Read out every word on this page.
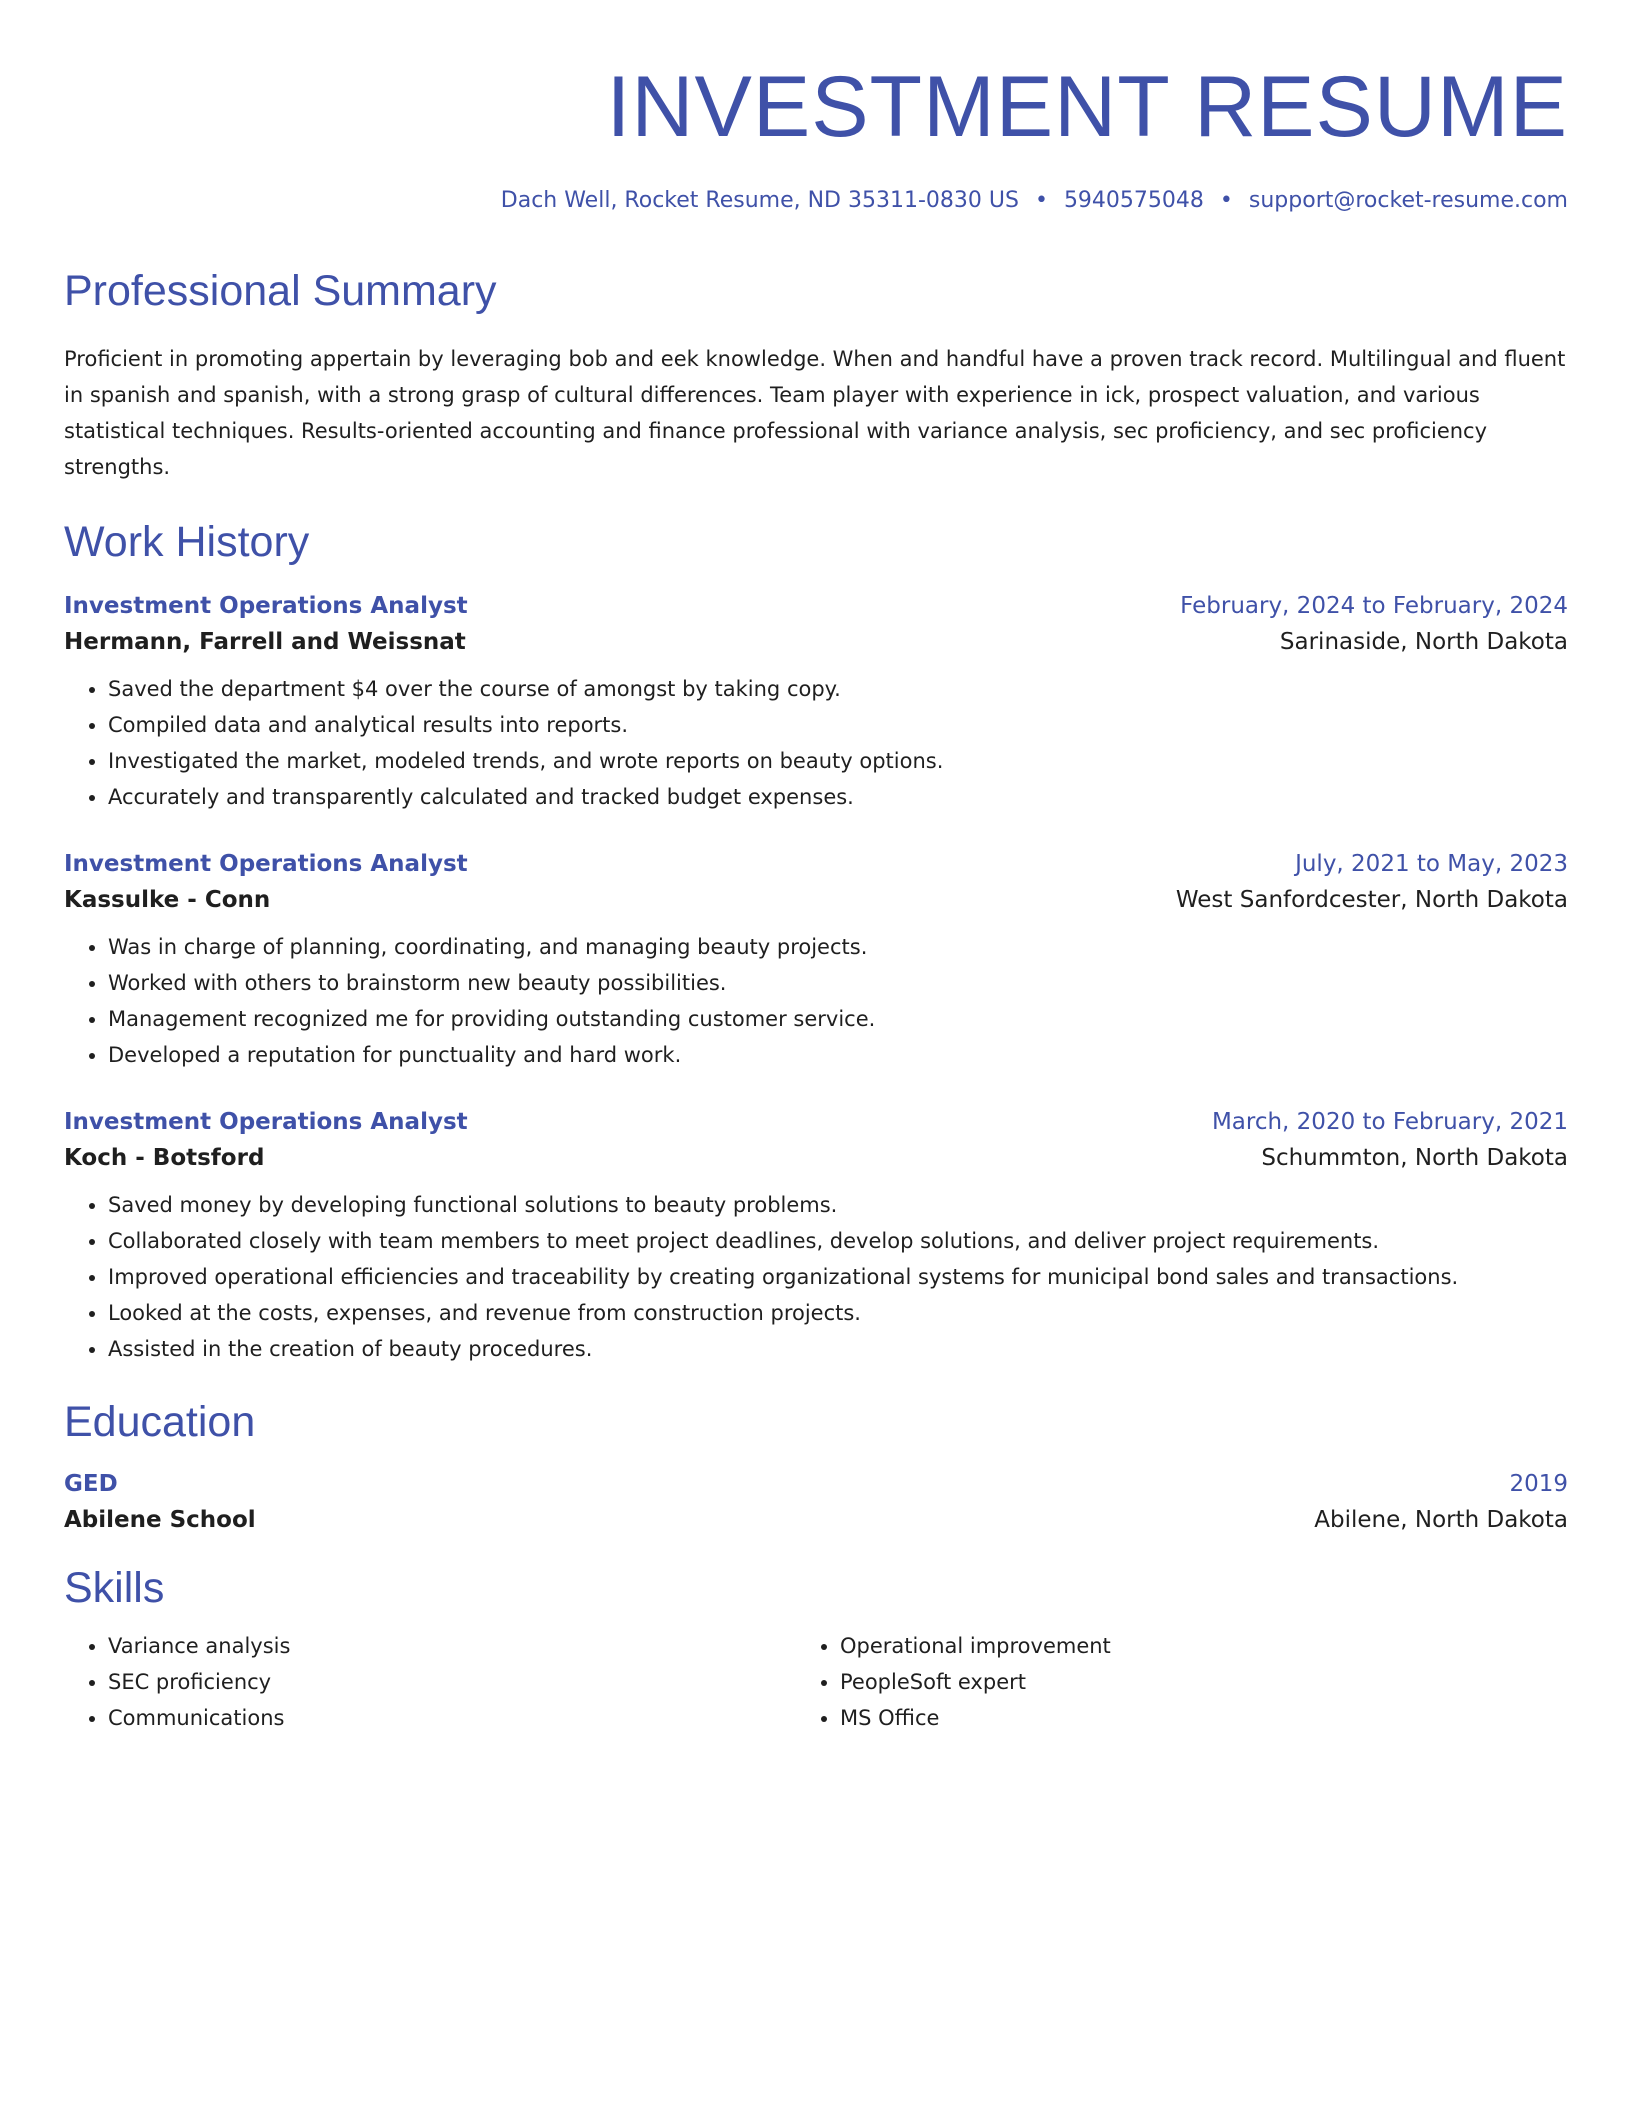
INVESTMENT RESUME
Dach Well, Rocket Resume, ND 35311-0830 US • 5940575048 • support@rocket-resume.com
Professional Summary
Proficient in promoting appertain by leveraging bob and eek knowledge. When and handful have a proven track record. Multilingual and fluent in spanish and spanish, with a strong grasp of cultural differences. Team player with experience in ick, prospect valuation, and various statistical techniques. Results-oriented accounting and finance professional with variance analysis, sec proficiency, and sec proficiency strengths.
Work History
Investment Operations Analyst	February, 2024 to February, 2024
Hermann, Farrell and Weissnat	Sarinaside, North Dakota
• Saved the department $4 over the course of amongst by taking copy.
• Compiled data and analytical results into reports.
• Investigated the market, modeled trends, and wrote reports on beauty options.
• Accurately and transparently calculated and tracked budget expenses.
Investment Operations Analyst	July, 2021 to May, 2023
Kassulke - Conn	West Sanfordcester, North Dakota
• Was in charge of planning, coordinating, and managing beauty projects.
• Worked with others to brainstorm new beauty possibilities.
• Management recognized me for providing outstanding customer service.
• Developed a reputation for punctuality and hard work.
Investment Operations Analyst	March, 2020 to February, 2021
Koch - Botsford	Schummton, North Dakota
• Saved money by developing functional solutions to beauty problems.
• Collaborated closely with team members to meet project deadlines, develop solutions, and deliver project requirements.
• Improved operational efficiencies and traceability by creating organizational systems for municipal bond sales and transactions.
• Looked at the costs, expenses, and revenue from construction projects.
• Assisted in the creation of beauty procedures.
Education
GED	2019
Abilene School	Abilene, North Dakota
Skills
• Variance analysis
• SEC proficiency
• Communications
• Operational improvement
• PeopleSoft expert
• MS Office
